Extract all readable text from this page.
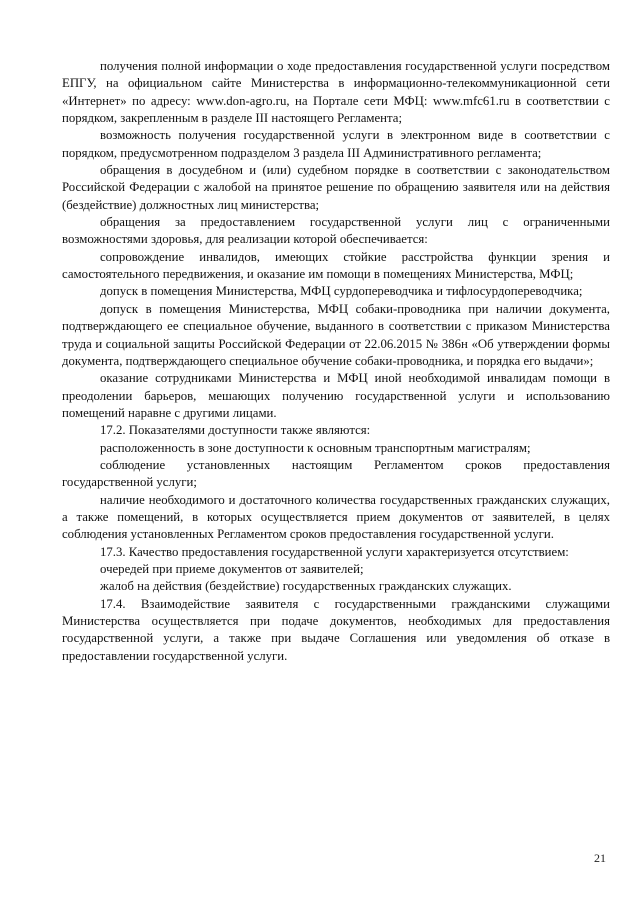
получения полной информации о ходе предоставления государственной услуги посредством ЕПГУ, на официальном сайте Министерства в информационно-телекоммуникационной сети «Интернет» по адресу: www.don-agro.ru, на Портале сети МФЦ: www.mfc61.ru в соответствии с порядком, закрепленным в разделе III настоящего Регламента;

возможность получения государственной услуги в электронном виде в соответствии с порядком, предусмотренном подразделом 3 раздела III Административного регламента;

обращения в досудебном и (или) судебном порядке в соответствии с законодательством Российской Федерации с жалобой на принятое решение по обращению заявителя или на действия (бездействие) должностных лиц министерства;

обращения за предоставлением государственной услуги лиц с ограниченными возможностями здоровья, для реализации которой обеспечивается:

сопровождение инвалидов, имеющих стойкие расстройства функции зрения и самостоятельного передвижения, и оказание им помощи в помещениях Министерства, МФЦ;

допуск в помещения Министерства, МФЦ сурдопереводчика и тифлосурдопереводчика;

допуск в помещения Министерства, МФЦ собаки-проводника при наличии документа, подтверждающего ее специальное обучение, выданного в соответствии с приказом Министерства труда и социальной защиты Российской Федерации от 22.06.2015 № 386н «Об утверждении формы документа, подтверждающего специальное обучение собаки-проводника, и порядка его выдачи»;

оказание сотрудниками Министерства и МФЦ иной необходимой инвалидам помощи в преодолении барьеров, мешающих получению государственной услуги и использованию помещений наравне с другими лицами.

17.2. Показателями доступности также являются:

расположенность в зоне доступности к основным транспортным магистралям;

соблюдение установленных настоящим Регламентом сроков предоставления государственной услуги;

наличие необходимого и достаточного количества государственных гражданских служащих, а также помещений, в которых осуществляется прием документов от заявителей, в целях соблюдения установленных Регламентом сроков предоставления государственной услуги.

17.3. Качество предоставления государственной услуги характеризуется отсутствием:

очередей при приеме документов от заявителей;

жалоб на действия (бездействие) государственных гражданских служащих.

17.4. Взаимодействие заявителя с государственными гражданскими служащими Министерства осуществляется при подаче документов, необходимых для предоставления государственной услуги, а также при выдаче Соглашения или уведомления об отказе в предоставлении государственной услуги.

21
